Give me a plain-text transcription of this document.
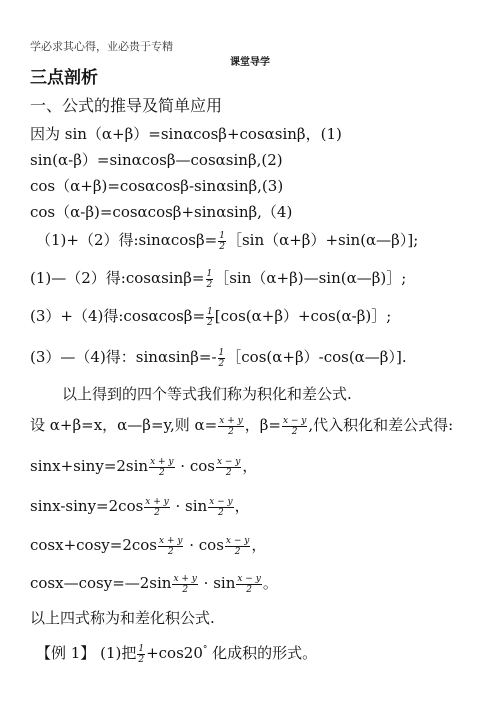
学必求其心得，业必贵于专精
课堂导学
三点剖析
一、公式的推导及简单应用
因为 sin（α+β）=sinαcosβ+cosαsinβ，(1)
sin(α-β）=sinαcosβ—cosαsinβ,(2)
cos（α+β)=cosαcosβ-sinαsinβ,(3)
cos（α-β)=cosαcosβ+sinαsinβ,（4)
（1)+（2）得:sinαcosβ= $\frac{1}{2}$ ［sin（α+β）+sin(α—β）];
(1)—（2）得:cosαsinβ= $\frac{1}{2}$ ［sin（α+β)—sin(α—β)］;
(3）+（4)得:cosαcosβ= $\frac{1}{2}$ [cos(α+β）+cos(α-β)］;
(3）—（4)得：$\sin\alpha\sin\beta=- \frac{1}{2}$ ［cos(α+β）-cos(α—β）].
以上得到的四个等式我们称为积化和差公式.
设 α+β=x，α—β=y,则 $\alpha= \frac{x + y}{2}$ ，$\beta= \frac{x - y}{2}$ ,代入积化和差公式得:
$\sin x+\sin y=2\sin \frac{x + y}{2} \cdot \cos \frac{x - y}{2}$ ，
$\sin x-\sin y=2\cos \frac{x + y}{2} \cdot \sin \frac{x - y}{2}$ ，
$\cos x+\cos y=2\cos \frac{x + y}{2} \cdot \cos \frac{x - y}{2}$ ，
cosx—cosy=—2sin $\frac{x + y}{2} \cdot \sin \frac{x - y}{2}$ 。
以上四式称为和差化积公式.
【例 1】 (1)把 $\frac{1}{2} +\cos 20^\circ$ 化成积的形式。
